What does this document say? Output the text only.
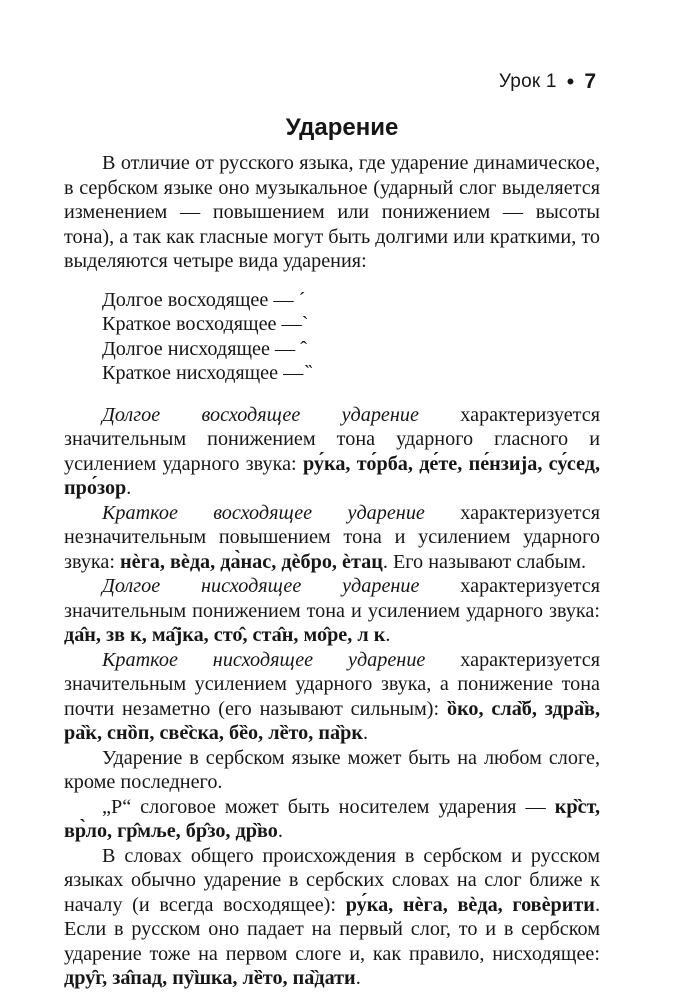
Урок 1 • 7
Ударение

В отличие от русского языка, где ударение динамическое, в сербском языке оно музыкальное (ударный слог выделяется изменением — повышением или понижением — высоты тона), а так как гласные могут быть долгими или краткими, то выделяются четыре вида ударения:

Долгое восходящее — ´
Краткое восходящее —`
Долгое нисходящее — ˆ
Краткое нисходящее — ̏

Долгое восходящее ударение характеризуется значительным понижением тона ударного гласного и усилением ударного звука: ру́ка, то́рба, де́те, пе́нзија, су́сед, про́зор.

Краткое восходящее ударение характеризуется незначительным повышением тона и усилением ударного звука: нѐга, вѐда, да̀нас, дѐбро, ѐтац. Его называют слабым.

Долгое нисходящее ударение характеризуется значительным понижением тона и усилением ударного звука: да̂н, зв к, ма̂јка, сто̂, ста̂н, мо̂ре, л к.

Краткое нисходящее ударение характеризуется значительным усилением ударного звука, а понижение тона почти незаметно (его называют сильным): ȍко, сла̏б, здра̏в, ра̏к, снȍп, све̏ска, бȅо, лȅто, па̏рк.

Ударение в сербском языке может быть на любом слоге, кроме последнего.

„Р“ слоговое может быть носителем ударения — кр̏ст, вр̀ло, гр̂мље, бр̂зо, др̏во.

В словах общего происхождения в сербском и русском языках обычно ударение в сербских словах на слог ближе к началу (и всегда восходящее): ру́ка, нѐга, вѐда, говѐрити. Если в русском оно падает на первый слог, то и в сербском ударение тоже на первом слоге и, как правило, нисходящее: дру̑г, за̂пад, пу̏шка, лȅто, па̏дати.
